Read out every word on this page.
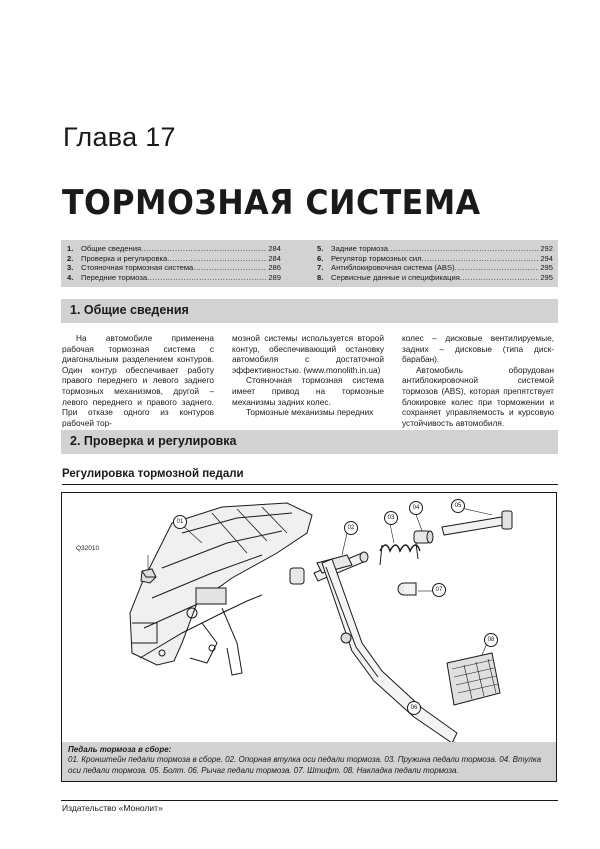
Глава 17
ТОРМОЗНАЯ СИСТЕМА
1.	Общие сведения .....	284
2.	Проверка и регулировка .....	284
3.	Стояночная тормозная система .....	286
4.	Передние тормоза .....	289
5.	Задние тормоза .....	292
6.	Регулятор тормозных сил .....	294
7.	Антиблокировочная система (ABS) .....	295
8.	Сервисные данные и спецификация .....	295
1. Общие сведения

На автомобиле применена рабочая тормозная система с диагональным разделением контуров. Один контур обеспечивает работу правого переднего и левого заднего тормозных механизмов, другой – левого переднего и правого заднего. При отказе одного из контуров рабочей тор-

мозной системы используется второй контур, обеспечивающий остановку автомобиля с достаточной эффективностью. (www.monolith.in.ua)

Стояночная тормозная система имеет привод на тормозные механизмы задних колес.

Тормозные механизмы передних

колес – дисковые вентилируемые, задних – дисковые (типа диск- барабан).

Автомобиль оборудован антиблокировочной системой тормозов (ABS), которая препятствует блокировке колес при торможении и сохраняет управляемость и курсовую устойчивость автомобиля.

2. Проверка и регулировка
Регулировка тормозной педали
Q32010
01
02
03
04	05
06
07
08
Педаль тормоза в сборе:
01. Кронштейн педали тормоза в сборе. 02. Опорная втулка оси педали тормоза. 03. Пружина педали тормоза. 04. Втулка оси педали тормоза. 05. Болт. 06. Рычаг педали тормоза. 07. Штифт. 08. Накладка педали тормоза.
Издательство «Монолит»
